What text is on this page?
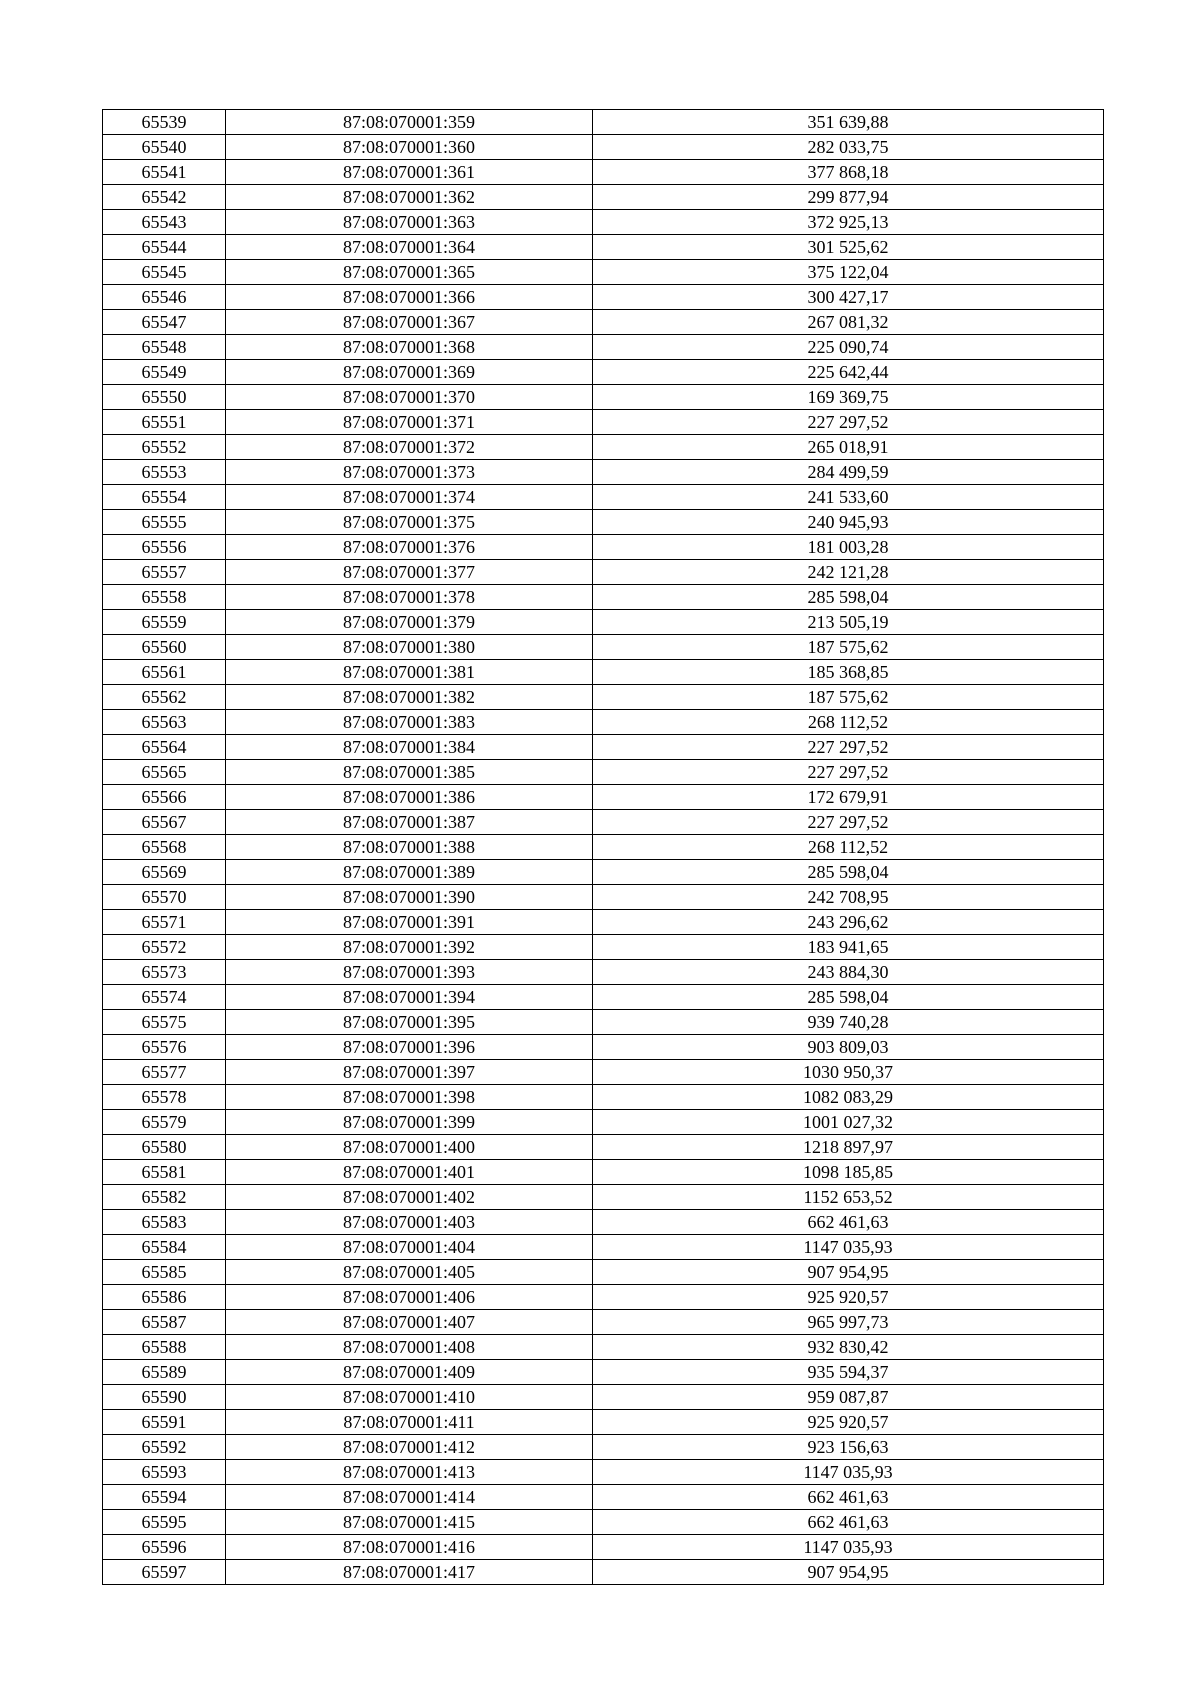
65539	87:08:070001:359	351 639,88
65540	87:08:070001:360	282 033,75
65541	87:08:070001:361	377 868,18
65542	87:08:070001:362	299 877,94
65543	87:08:070001:363	372 925,13
65544	87:08:070001:364	301 525,62
65545	87:08:070001:365	375 122,04
65546	87:08:070001:366	300 427,17
65547	87:08:070001:367	267 081,32
65548	87:08:070001:368	225 090,74
65549	87:08:070001:369	225 642,44
65550	87:08:070001:370	169 369,75
65551	87:08:070001:371	227 297,52
65552	87:08:070001:372	265 018,91
65553	87:08:070001:373	284 499,59
65554	87:08:070001:374	241 533,60
65555	87:08:070001:375	240 945,93
65556	87:08:070001:376	181 003,28
65557	87:08:070001:377	242 121,28
65558	87:08:070001:378	285 598,04
65559	87:08:070001:379	213 505,19
65560	87:08:070001:380	187 575,62
65561	87:08:070001:381	185 368,85
65562	87:08:070001:382	187 575,62
65563	87:08:070001:383	268 112,52
65564	87:08:070001:384	227 297,52
65565	87:08:070001:385	227 297,52
65566	87:08:070001:386	172 679,91
65567	87:08:070001:387	227 297,52
65568	87:08:070001:388	268 112,52
65569	87:08:070001:389	285 598,04
65570	87:08:070001:390	242 708,95
65571	87:08:070001:391	243 296,62
65572	87:08:070001:392	183 941,65
65573	87:08:070001:393	243 884,30
65574	87:08:070001:394	285 598,04
65575	87:08:070001:395	939 740,28
65576	87:08:070001:396	903 809,03
65577	87:08:070001:397	1030 950,37
65578	87:08:070001:398	1082 083,29
65579	87:08:070001:399	1001 027,32
65580	87:08:070001:400	1218 897,97
65581	87:08:070001:401	1098 185,85
65582	87:08:070001:402	1152 653,52
65583	87:08:070001:403	662 461,63
65584	87:08:070001:404	1147 035,93
65585	87:08:070001:405	907 954,95
65586	87:08:070001:406	925 920,57
65587	87:08:070001:407	965 997,73
65588	87:08:070001:408	932 830,42
65589	87:08:070001:409	935 594,37
65590	87:08:070001:410	959 087,87
65591	87:08:070001:411	925 920,57
65592	87:08:070001:412	923 156,63
65593	87:08:070001:413	1147 035,93
65594	87:08:070001:414	662 461,63
65595	87:08:070001:415	662 461,63
65596	87:08:070001:416	1147 035,93
65597	87:08:070001:417	907 954,95
